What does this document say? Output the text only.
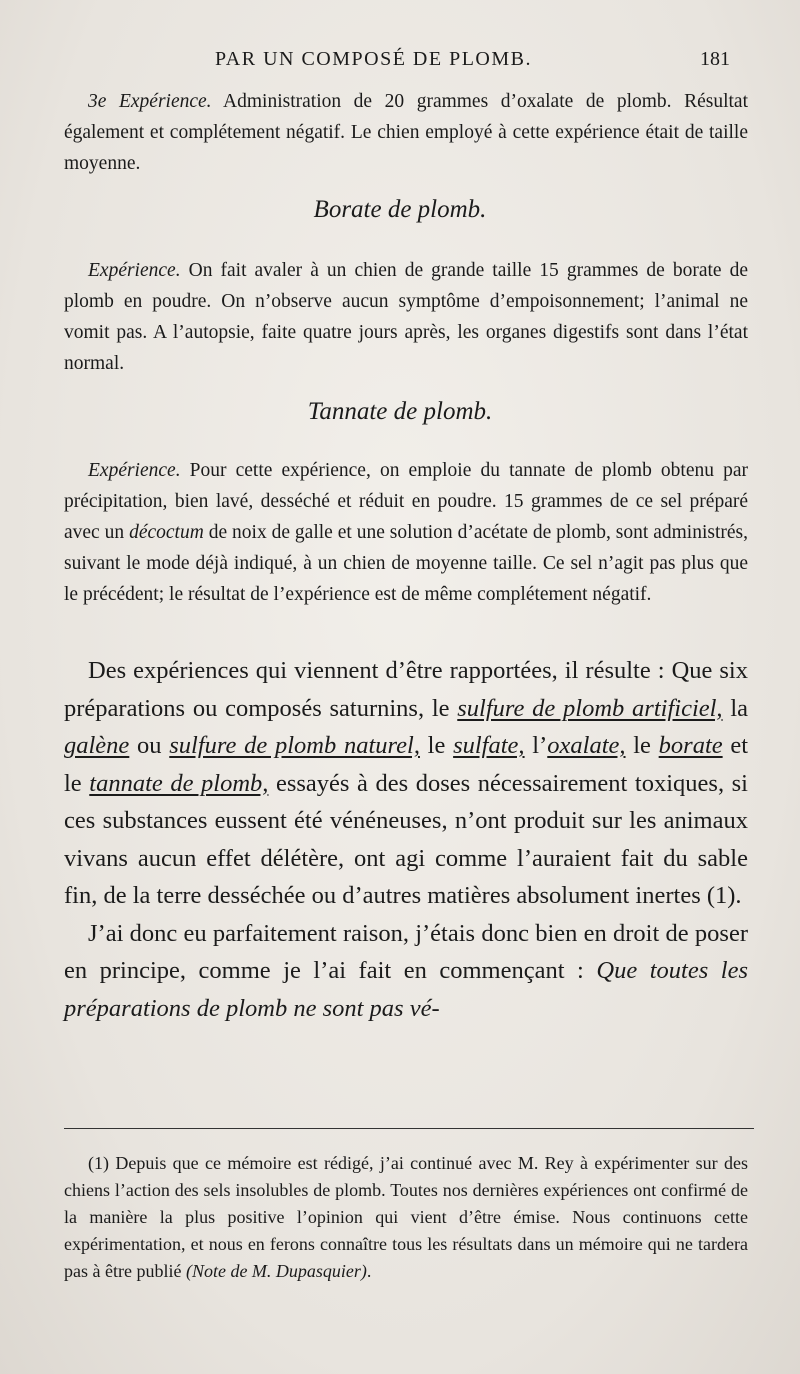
PAR UN COMPOSÉ DE PLOMB.	181

3e Expérience. Administration de 20 grammes d’oxalate de plomb. Résultat également et complétement négatif. Le chien employé à cette expérience était de taille moyenne.

Borate de plomb.

Expérience. On fait avaler à un chien de grande taille 15 grammes de borate de plomb en poudre. On n’observe aucun symptôme d’empoisonnement; l’animal ne vomit pas. A l’autopsie, faite quatre jours après, les organes digestifs sont dans l’état normal.

Tannate de plomb.

Expérience. Pour cette expérience, on emploie du tannate de plomb obtenu par précipitation, bien lavé, desséché et réduit en poudre. 15 grammes de ce sel préparé avec un décoctum de noix de galle et une solution d’acétate de plomb, sont administrés, suivant le mode déjà indiqué, à un chien de moyenne taille. Ce sel n’agit pas plus que le précédent; le résultat de l’expérience est de même complétement négatif.

Des expériences qui viennent d’être rapportées, il résulte : Que six préparations ou composés saturnins, le sulfure de plomb artificiel, la galène ou sulfure de plomb naturel, le sulfate, l’oxalate, le borate et le tannate de plomb, essayés à des doses nécessairement toxiques, si ces substances eussent été vénéneuses, n’ont produit sur les animaux vivans aucun effet délétère, ont agi comme l’auraient fait du sable fin, de la terre desséchée ou d’autres matières absolument inertes (1).

J’ai donc eu parfaitement raison, j’étais donc bien en droit de poser en principe, comme je l’ai fait en commençant : Que toutes les préparations de plomb ne sont pas vé-

(1) Depuis que ce mémoire est rédigé, j’ai continué avec M. Rey à expérimenter sur des chiens l’action des sels insolubles de plomb. Toutes nos dernières expériences ont confirmé de la manière la plus positive l’opinion qui vient d’être émise. Nous continuons cette expérimentation, et nous en ferons connaître tous les résultats dans un mémoire qui ne tardera pas à être publié (Note de M. Dupasquier).
